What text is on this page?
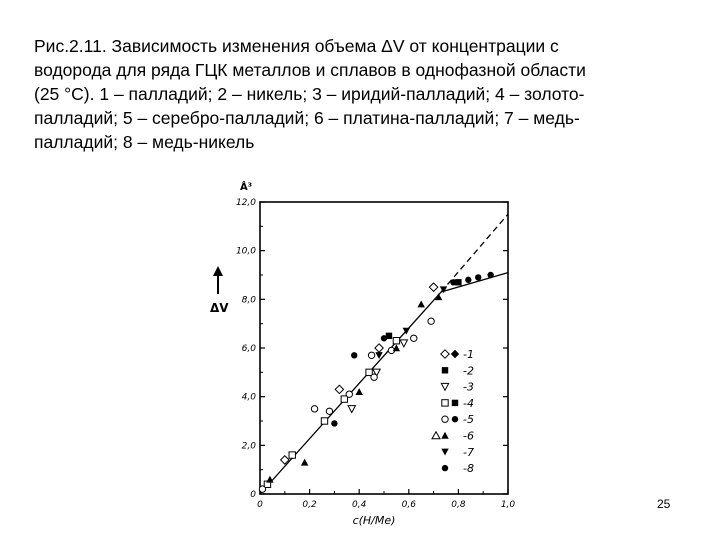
Рис.2.11. Зависимость изменения объема ΔV от концентрации c
водорода для ряда ГЦК металлов и сплавов в однофазной области
(25 °С). 1 – палладий; 2 – никель; 3 – иридий-палладий; 4 – золото-
палладий; 5 – серебро-палладий; 6 – платина-палладий; 7 – медь-
палладий; 8 – медь-никель
0
2,0
4,0
6,0
8,0
10,0
12,0
0	0,2	0,4	0,6	0,8	1,0
ΔV
Å³
c(H/Me)
-1
-2
-3
-4
-5
-6
-7
-8
25
